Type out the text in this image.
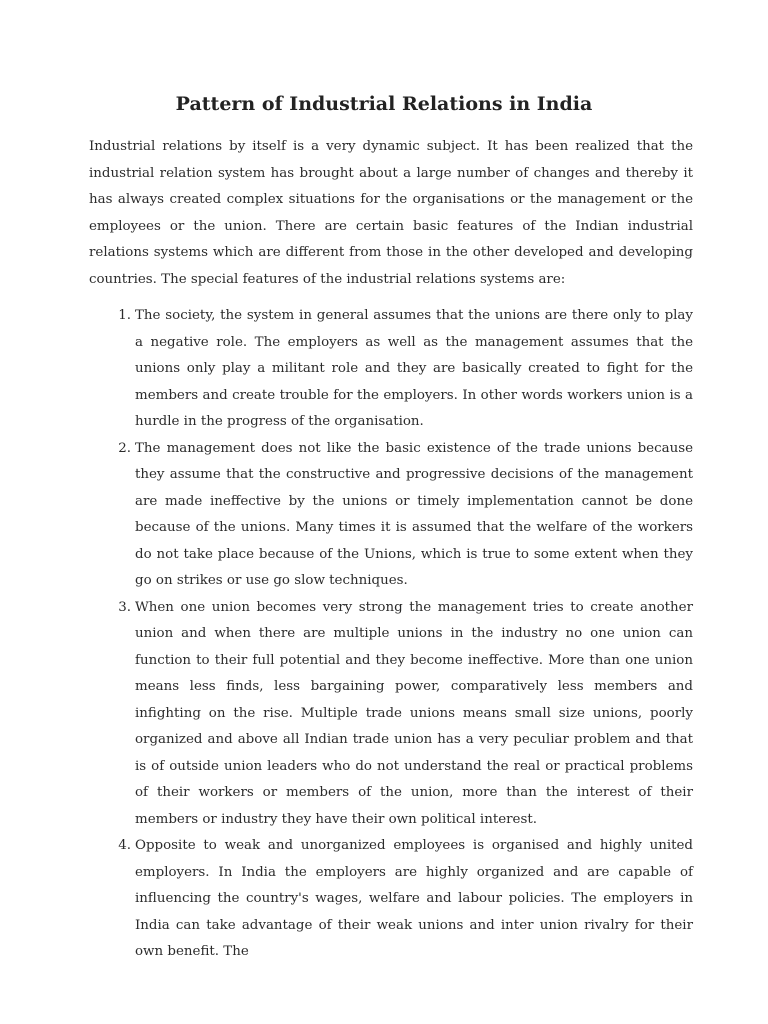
Pattern of Industrial Relations in India

Industrial relations by itself is a very dynamic subject. It has been realized that the industrial relation system has brought about a large number of changes and thereby it has always created complex situations for the organisations or the management or the employees or the union. There are certain basic features of the Indian industrial relations systems which are different from those in the other developed and developing countries. The special features of the industrial relations systems are:

1. The society, the system in general assumes that the unions are there only to play a negative role. The employers as well as the management assumes that the unions only play a militant role and they are basically created to fight for the members and create trouble for the employers. In other words workers union is a hurdle in the progress of the organisation.
2. The management does not like the basic existence of the trade unions because they assume that the constructive and progressive decisions of the management are made ineffective by the unions or timely implementation cannot be done because of the unions. Many times it is assumed that the welfare of the workers do not take place because of the Unions, which is true to some extent when they go on strikes or use go slow techniques.
3. When one union becomes very strong the management tries to create another union and when there are multiple unions in the industry no one union can function to their full potential and they become ineffective. More than one union means less finds, less bargaining power, comparatively less members and infighting on the rise. Multiple trade unions means small size unions, poorly organized and above all Indian trade union has a very peculiar problem and that is of outside union leaders who do not understand the real or practical problems of their workers or members of the union, more than the interest of their members or industry they have their own political interest.
4. Opposite to weak and unorganized employees is organised and highly united employers. In India the employers are highly organized and are capable of influencing the country's wages, welfare and labour policies. The employers in India can take advantage of their weak unions and inter union rivalry for their own benefit. The
